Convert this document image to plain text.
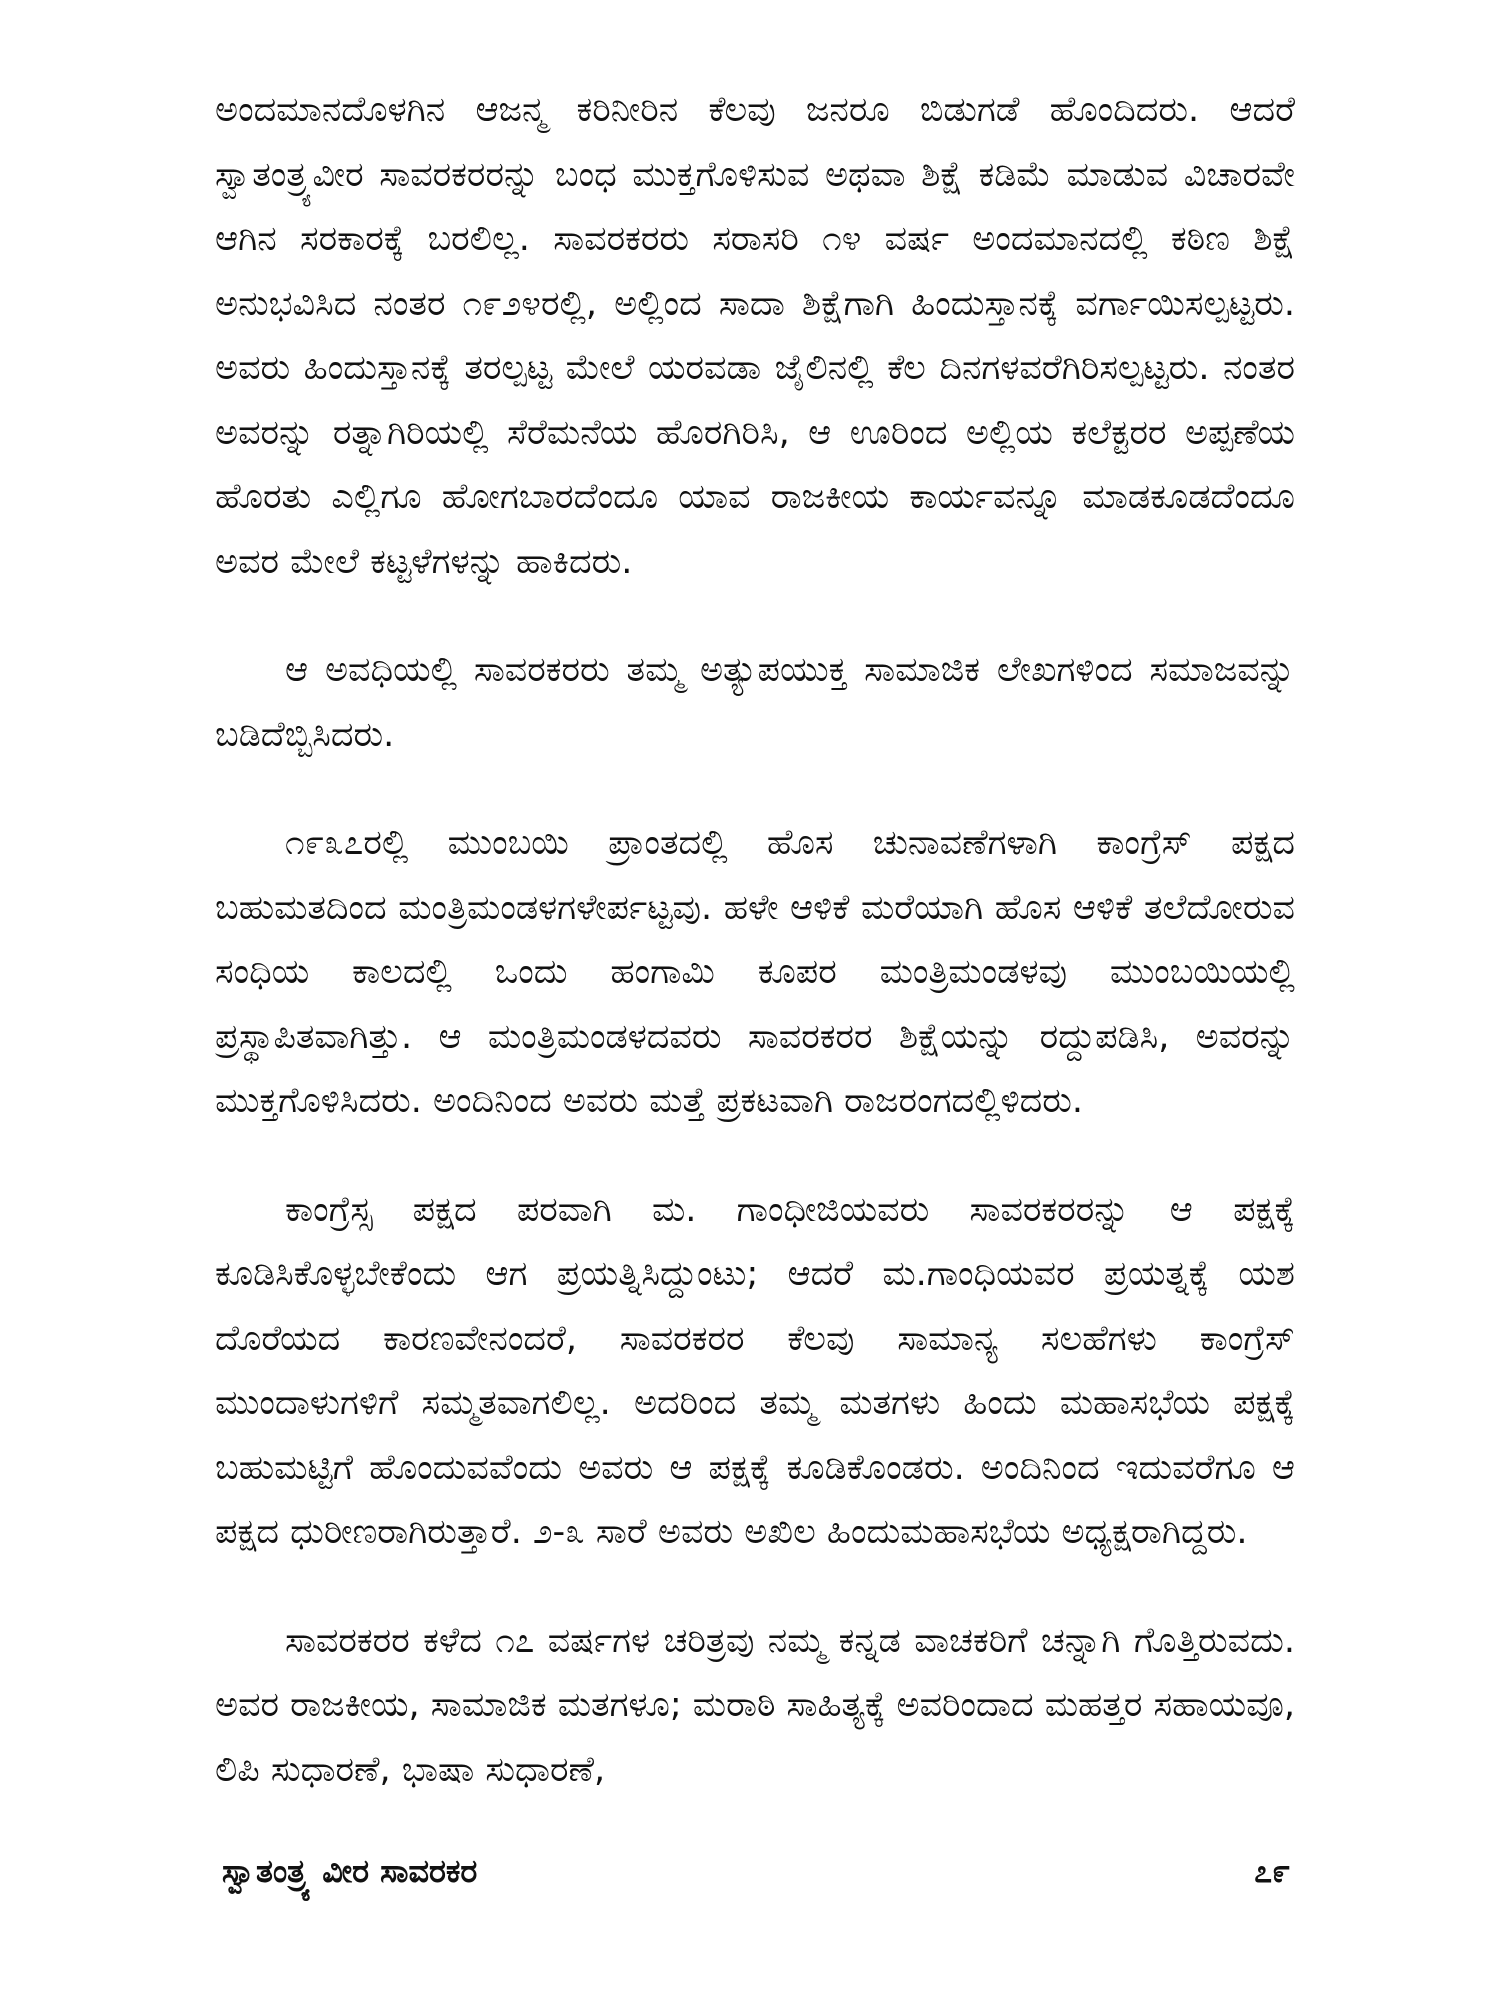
ಅಂದಮಾನದೊಳಗಿನ ಆಜನ್ಮ ಕರಿನೀರಿನ ಕೆಲವು ಜನರೂ ಬಿಡುಗಡೆ ಹೊಂದಿದರು. ಆದರೆ ಸ್ವಾತಂತ್ರ್ಯವೀರ ಸಾವರಕರರನ್ನು ಬಂಧ ಮುಕ್ತಗೊಳಿಸುವ ಅಥವಾ ಶಿಕ್ಷೆ ಕಡಿಮೆ ಮಾಡುವ ವಿಚಾರವೇ ಆಗಿನ ಸರಕಾರಕ್ಕೆ ಬರಲಿಲ್ಲ. ಸಾವರಕರರು ಸರಾಸರಿ ೧೪ ವರ್ಷ ಅಂದಮಾನದಲ್ಲಿ ಕಠಿಣ ಶಿಕ್ಷೆ ಅನುಭವಿಸಿದ ನಂತರ ೧೯೨೪ರಲ್ಲಿ, ಅಲ್ಲಿಂದ ಸಾದಾ ಶಿಕ್ಷೆಗಾಗಿ ಹಿಂದುಸ್ತಾನಕ್ಕೆ ವರ್ಗಾಯಿಸಲ್ಪಟ್ಟರು. ಅವರು ಹಿಂದುಸ್ತಾನಕ್ಕೆ ತರಲ್ಪಟ್ಟ ಮೇಲೆ ಯರವಡಾ ಜೈಲಿನಲ್ಲಿ ಕೆಲ ದಿನಗಳವರೆಗಿರಿಸಲ್ಪಟ್ಟರು. ನಂತರ ಅವರನ್ನು ರತ್ನಾಗಿರಿಯಲ್ಲಿ ಸೆರೆಮನೆಯ ಹೊರಗಿರಿಸಿ, ಆ ಊರಿಂದ ಅಲ್ಲಿಯ ಕಲೆಕ್ಟರರ ಅಪ್ಪಣೆಯ ಹೊರತು ಎಲ್ಲಿಗೂ ಹೋಗಬಾರದೆಂದೂ ಯಾವ ರಾಜಕೀಯ ಕಾರ್ಯವನ್ನೂ ಮಾಡಕೂಡದೆಂದೂ ಅವರ ಮೇಲೆ ಕಟ್ಟಳೆಗಳನ್ನು ಹಾಕಿದರು.

ಆ ಅವಧಿಯಲ್ಲಿ ಸಾವರಕರರು ತಮ್ಮ ಅತ್ಯುಪಯುಕ್ತ ಸಾಮಾಜಿಕ ಲೇಖಗಳಿಂದ ಸಮಾಜವನ್ನು ಬಡಿದೆಬ್ಬಿಸಿದರು.

೧೯೩೭ರಲ್ಲಿ ಮುಂಬಯಿ ಪ್ರಾಂತದಲ್ಲಿ ಹೊಸ ಚುನಾವಣೆಗಳಾಗಿ ಕಾಂಗ್ರೆಸ್ ಪಕ್ಷದ ಬಹುಮತದಿಂದ ಮಂತ್ರಿಮಂಡಳಗಳೇರ್ಪಟ್ಟವು. ಹಳೇ ಆಳಿಕೆ ಮರೆಯಾಗಿ ಹೊಸ ಆಳಿಕೆ ತಲೆದೋರುವ ಸಂಧಿಯ ಕಾಲದಲ್ಲಿ ಒಂದು ಹಂಗಾಮಿ ಕೂಪರ ಮಂತ್ರಿಮಂಡಳವು ಮುಂಬಯಿಯಲ್ಲಿ ಪ್ರಸ್ಥಾಪಿತವಾಗಿತ್ತು. ಆ ಮಂತ್ರಿಮಂಡಳದವರು ಸಾವರಕರರ ಶಿಕ್ಷೆಯನ್ನು ರದ್ದುಪಡಿಸಿ, ಅವರನ್ನು ಮುಕ್ತಗೊಳಿಸಿದರು. ಅಂದಿನಿಂದ ಅವರು ಮತ್ತೆ ಪ್ರಕಟವಾಗಿ ರಾಜರಂಗದಲ್ಲಿಳಿದರು.

ಕಾಂಗ್ರೆಸ್ಸ ಪಕ್ಷದ ಪರವಾಗಿ ಮ. ಗಾಂಧೀಜಿಯವರು ಸಾವರಕರರನ್ನು ಆ ಪಕ್ಷಕ್ಕೆ ಕೂಡಿಸಿಕೊಳ್ಳಬೇಕೆಂದು ಆಗ ಪ್ರಯತ್ನಿಸಿದ್ದುಂಟು; ಆದರೆ ಮ.ಗಾಂಧಿಯವರ ಪ್ರಯತ್ನಕ್ಕೆ ಯಶ ದೊರೆಯದ ಕಾರಣವೇನಂದರೆ, ಸಾವರಕರರ ಕೆಲವು ಸಾಮಾನ್ಯ ಸಲಹೆಗಳು ಕಾಂಗ್ರೆಸ್ ಮುಂದಾಳುಗಳಿಗೆ ಸಮ್ಮತವಾಗಲಿಲ್ಲ. ಅದರಿಂದ ತಮ್ಮ ಮತಗಳು ಹಿಂದು ಮಹಾಸಭೆಯ ಪಕ್ಷಕ್ಕೆ ಬಹುಮಟ್ಟಿಗೆ ಹೊಂದುವವೆಂದು ಅವರು ಆ ಪಕ್ಷಕ್ಕೆ ಕೂಡಿಕೊಂಡರು. ಅಂದಿನಿಂದ ಇದುವರೆಗೂ ಆ ಪಕ್ಷದ ಧುರೀಣರಾಗಿರುತ್ತಾರೆ. ೨-೩ ಸಾರೆ ಅವರು ಅಖಿಲ ಹಿಂದುಮಹಾಸಭೆಯ ಅಧ್ಯಕ್ಷರಾಗಿದ್ದರು.

ಸಾವರಕರರ ಕಳೆದ ೧೭ ವರ್ಷಗಳ ಚರಿತ್ರವು ನಮ್ಮ ಕನ್ನಡ ವಾಚಕರಿಗೆ ಚನ್ನಾಗಿ ಗೊತ್ತಿರುವದು. ಅವರ ರಾಜಕೀಯ, ಸಾಮಾಜಿಕ ಮತಗಳೂ; ಮರಾಠಿ ಸಾಹಿತ್ಯಕ್ಕೆ ಅವರಿಂದಾದ ಮಹತ್ತರ ಸಹಾಯವೂ, ಲಿಪಿ ಸುಧಾರಣೆ, ಭಾಷಾ ಸುಧಾರಣೆ,

ಸ್ವಾತಂತ್ರ್ಯ ವೀರ ಸಾವರಕರ	೭೯
